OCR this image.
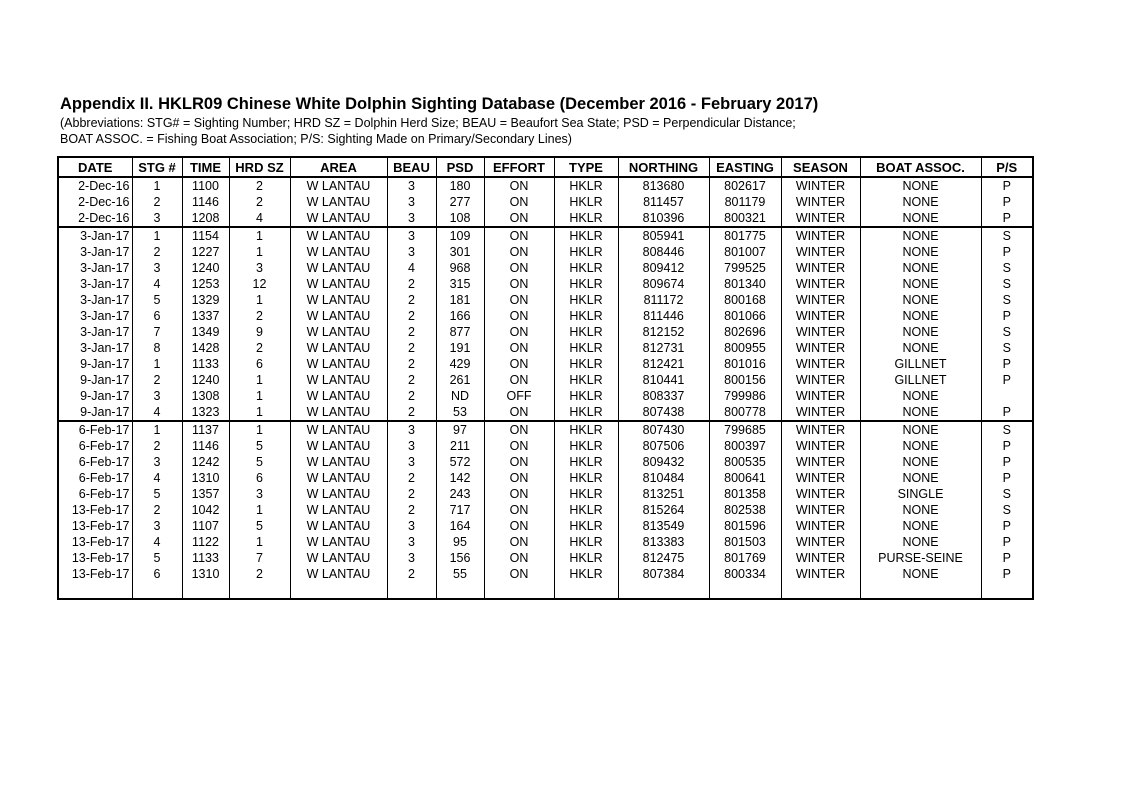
Appendix II. HKLR09 Chinese White Dolphin Sighting Database (December 2016 - February 2017)
(Abbreviations: STG# = Sighting Number; HRD SZ = Dolphin Herd Size; BEAU = Beaufort Sea State; PSD = Perpendicular Distance;
BOAT ASSOC. = Fishing Boat Association; P/S: Sighting Made on Primary/Secondary Lines)
DATE	STG #	TIME	HRD SZ	AREA	BEAU	PSD	EFFORT	TYPE	NORTHING	EASTING	SEASON	BOAT ASSOC.	P/S
2-Dec-16	1	1100	2	W LANTAU	3	180	ON	HKLR	813680	802617	WINTER	NONE	P
2-Dec-16	2	1146	2	W LANTAU	3	277	ON	HKLR	811457	801179	WINTER	NONE	P
2-Dec-16	3	1208	4	W LANTAU	3	108	ON	HKLR	810396	800321	WINTER	NONE	P
3-Jan-17	1	1154	1	W LANTAU	3	109	ON	HKLR	805941	801775	WINTER	NONE	S
3-Jan-17	2	1227	1	W LANTAU	3	301	ON	HKLR	808446	801007	WINTER	NONE	P
3-Jan-17	3	1240	3	W LANTAU	4	968	ON	HKLR	809412	799525	WINTER	NONE	S
3-Jan-17	4	1253	12	W LANTAU	2	315	ON	HKLR	809674	801340	WINTER	NONE	S
3-Jan-17	5	1329	1	W LANTAU	2	181	ON	HKLR	811172	800168	WINTER	NONE	S
3-Jan-17	6	1337	2	W LANTAU	2	166	ON	HKLR	811446	801066	WINTER	NONE	P
3-Jan-17	7	1349	9	W LANTAU	2	877	ON	HKLR	812152	802696	WINTER	NONE	S
3-Jan-17	8	1428	2	W LANTAU	2	191	ON	HKLR	812731	800955	WINTER	NONE	S
9-Jan-17	1	1133	6	W LANTAU	2	429	ON	HKLR	812421	801016	WINTER	GILLNET	P
9-Jan-17	2	1240	1	W LANTAU	2	261	ON	HKLR	810441	800156	WINTER	GILLNET	P
9-Jan-17	3	1308	1	W LANTAU	2	ND	OFF	HKLR	808337	799986	WINTER	NONE	
9-Jan-17	4	1323	1	W LANTAU	2	53	ON	HKLR	807438	800778	WINTER	NONE	P
6-Feb-17	1	1137	1	W LANTAU	3	97	ON	HKLR	807430	799685	WINTER	NONE	S
6-Feb-17	2	1146	5	W LANTAU	3	211	ON	HKLR	807506	800397	WINTER	NONE	P
6-Feb-17	3	1242	5	W LANTAU	3	572	ON	HKLR	809432	800535	WINTER	NONE	P
6-Feb-17	4	1310	6	W LANTAU	2	142	ON	HKLR	810484	800641	WINTER	NONE	P
6-Feb-17	5	1357	3	W LANTAU	2	243	ON	HKLR	813251	801358	WINTER	SINGLE	S
13-Feb-17	2	1042	1	W LANTAU	2	717	ON	HKLR	815264	802538	WINTER	NONE	S
13-Feb-17	3	1107	5	W LANTAU	3	164	ON	HKLR	813549	801596	WINTER	NONE	P
13-Feb-17	4	1122	1	W LANTAU	3	95	ON	HKLR	813383	801503	WINTER	NONE	P
13-Feb-17	5	1133	7	W LANTAU	3	156	ON	HKLR	812475	801769	WINTER	PURSE-SEINE	P
13-Feb-17	6	1310	2	W LANTAU	2	55	ON	HKLR	807384	800334	WINTER	NONE	P
